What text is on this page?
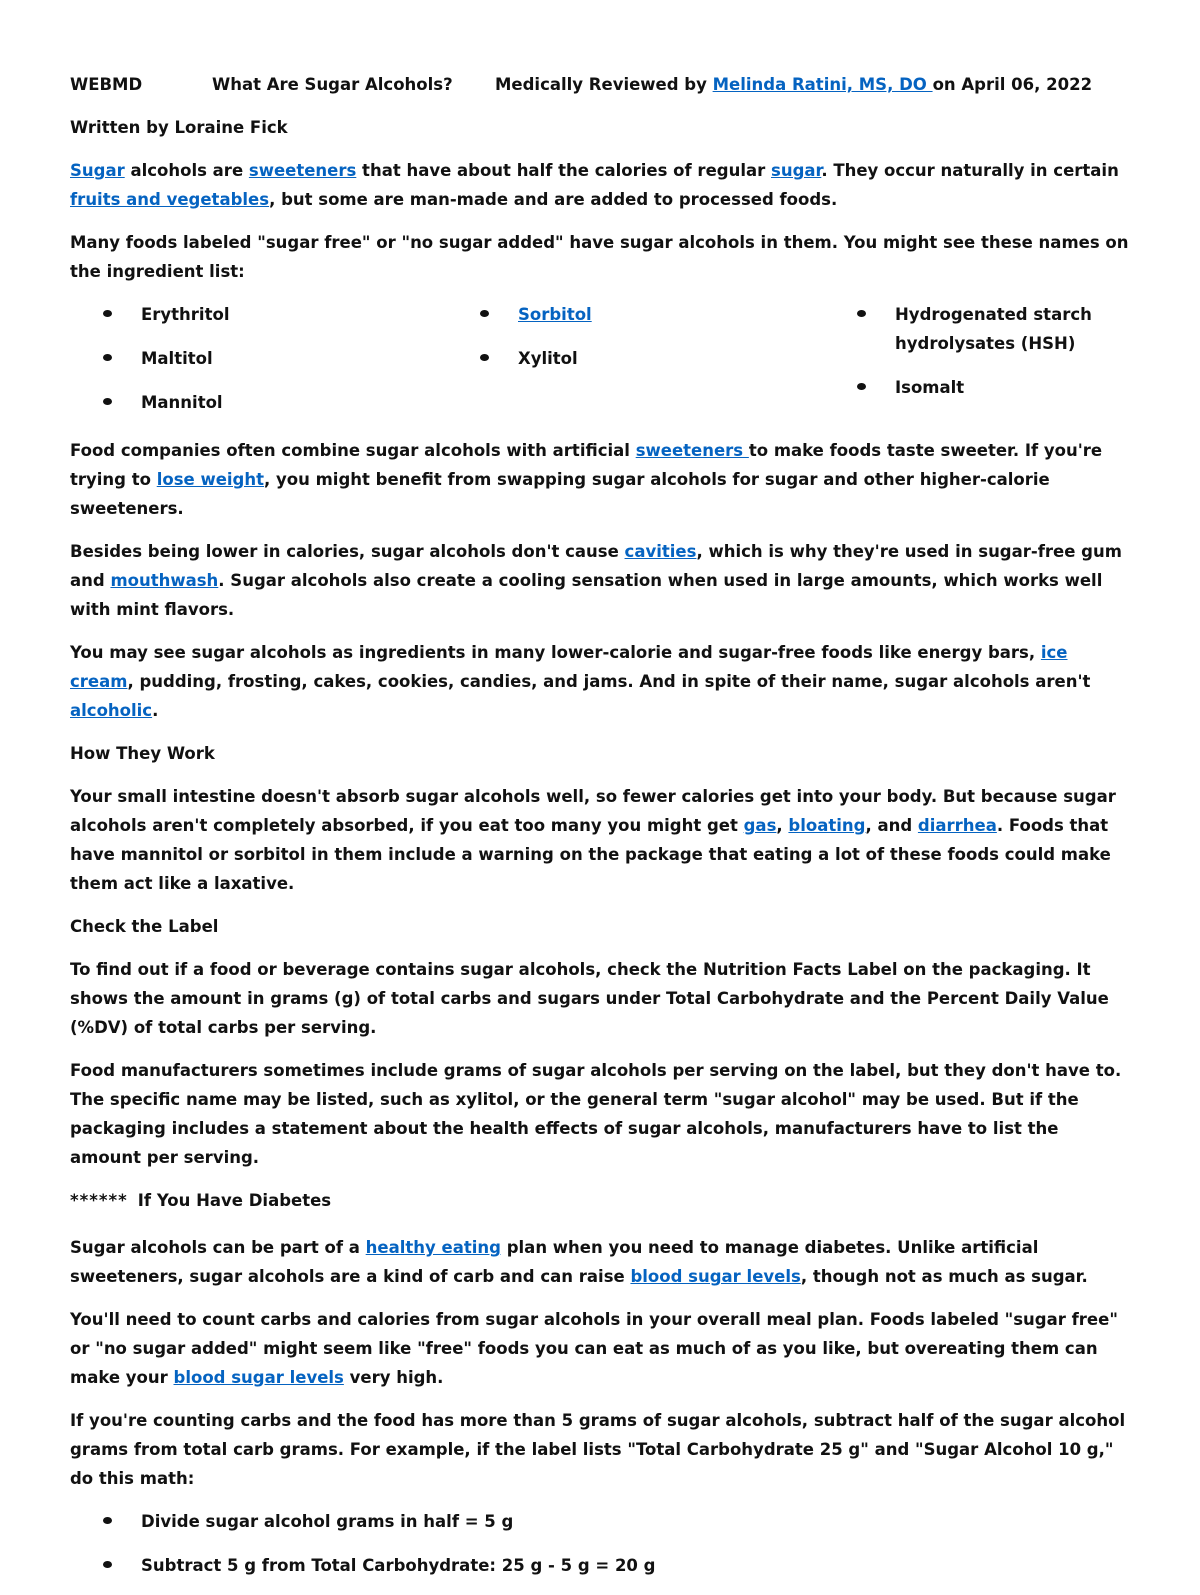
WEBMD	What Are Sugar Alcohols?	Medically Reviewed by Melinda Ratini, MS, DO on April 06, 2022

Written by Loraine Fick

Sugar alcohols are sweeteners that have about half the calories of regular sugar. They occur naturally in certain fruits and vegetables, but some are man-made and are added to processed foods.

Many foods labeled "sugar free" or "no sugar added" have sugar alcohols in them. You might see these names on the ingredient list:

Erythritol
Maltitol
Mannitol
Sorbitol
Xylitol
Hydrogenated starch hydrolysates (HSH)
Isomalt

Food companies often combine sugar alcohols with artificial sweeteners to make foods taste sweeter. If you're trying to lose weight, you might benefit from swapping sugar alcohols for sugar and other higher-calorie sweeteners.

Besides being lower in calories, sugar alcohols don't cause cavities, which is why they're used in sugar-free gum and mouthwash. Sugar alcohols also create a cooling sensation when used in large amounts, which works well with mint flavors.

You may see sugar alcohols as ingredients in many lower-calorie and sugar-free foods like energy bars, ice cream, pudding, frosting, cakes, cookies, candies, and jams. And in spite of their name, sugar alcohols aren't alcoholic.

How They Work

Your small intestine doesn't absorb sugar alcohols well, so fewer calories get into your body. But because sugar alcohols aren't completely absorbed, if you eat too many you might get gas, bloating, and diarrhea. Foods that have mannitol or sorbitol in them include a warning on the package that eating a lot of these foods could make them act like a laxative.

Check the Label

To find out if a food or beverage contains sugar alcohols, check the Nutrition Facts Label on the packaging. It shows the amount in grams (g) of total carbs and sugars under Total Carbohydrate and the Percent Daily Value (%DV) of total carbs per serving.

Food manufacturers sometimes include grams of sugar alcohols per serving on the label, but they don't have to. The specific name may be listed, such as xylitol, or the general term "sugar alcohol" may be used. But if the packaging includes a statement about the health effects of sugar alcohols, manufacturers have to list the amount per serving.

****** If You Have Diabetes

Sugar alcohols can be part of a healthy eating plan when you need to manage diabetes. Unlike artificial sweeteners, sugar alcohols are a kind of carb and can raise blood sugar levels, though not as much as sugar.

You'll need to count carbs and calories from sugar alcohols in your overall meal plan. Foods labeled "sugar free" or "no sugar added" might seem like "free" foods you can eat as much of as you like, but overeating them can make your blood sugar levels very high.

If you're counting carbs and the food has more than 5 grams of sugar alcohols, subtract half of the sugar alcohol grams from total carb grams. For example, if the label lists "Total Carbohydrate 25 g" and "Sugar Alcohol 10 g," do this math:

Divide sugar alcohol grams in half = 5 g
Subtract 5 g from Total Carbohydrate: 25 g - 5 g = 20 g
